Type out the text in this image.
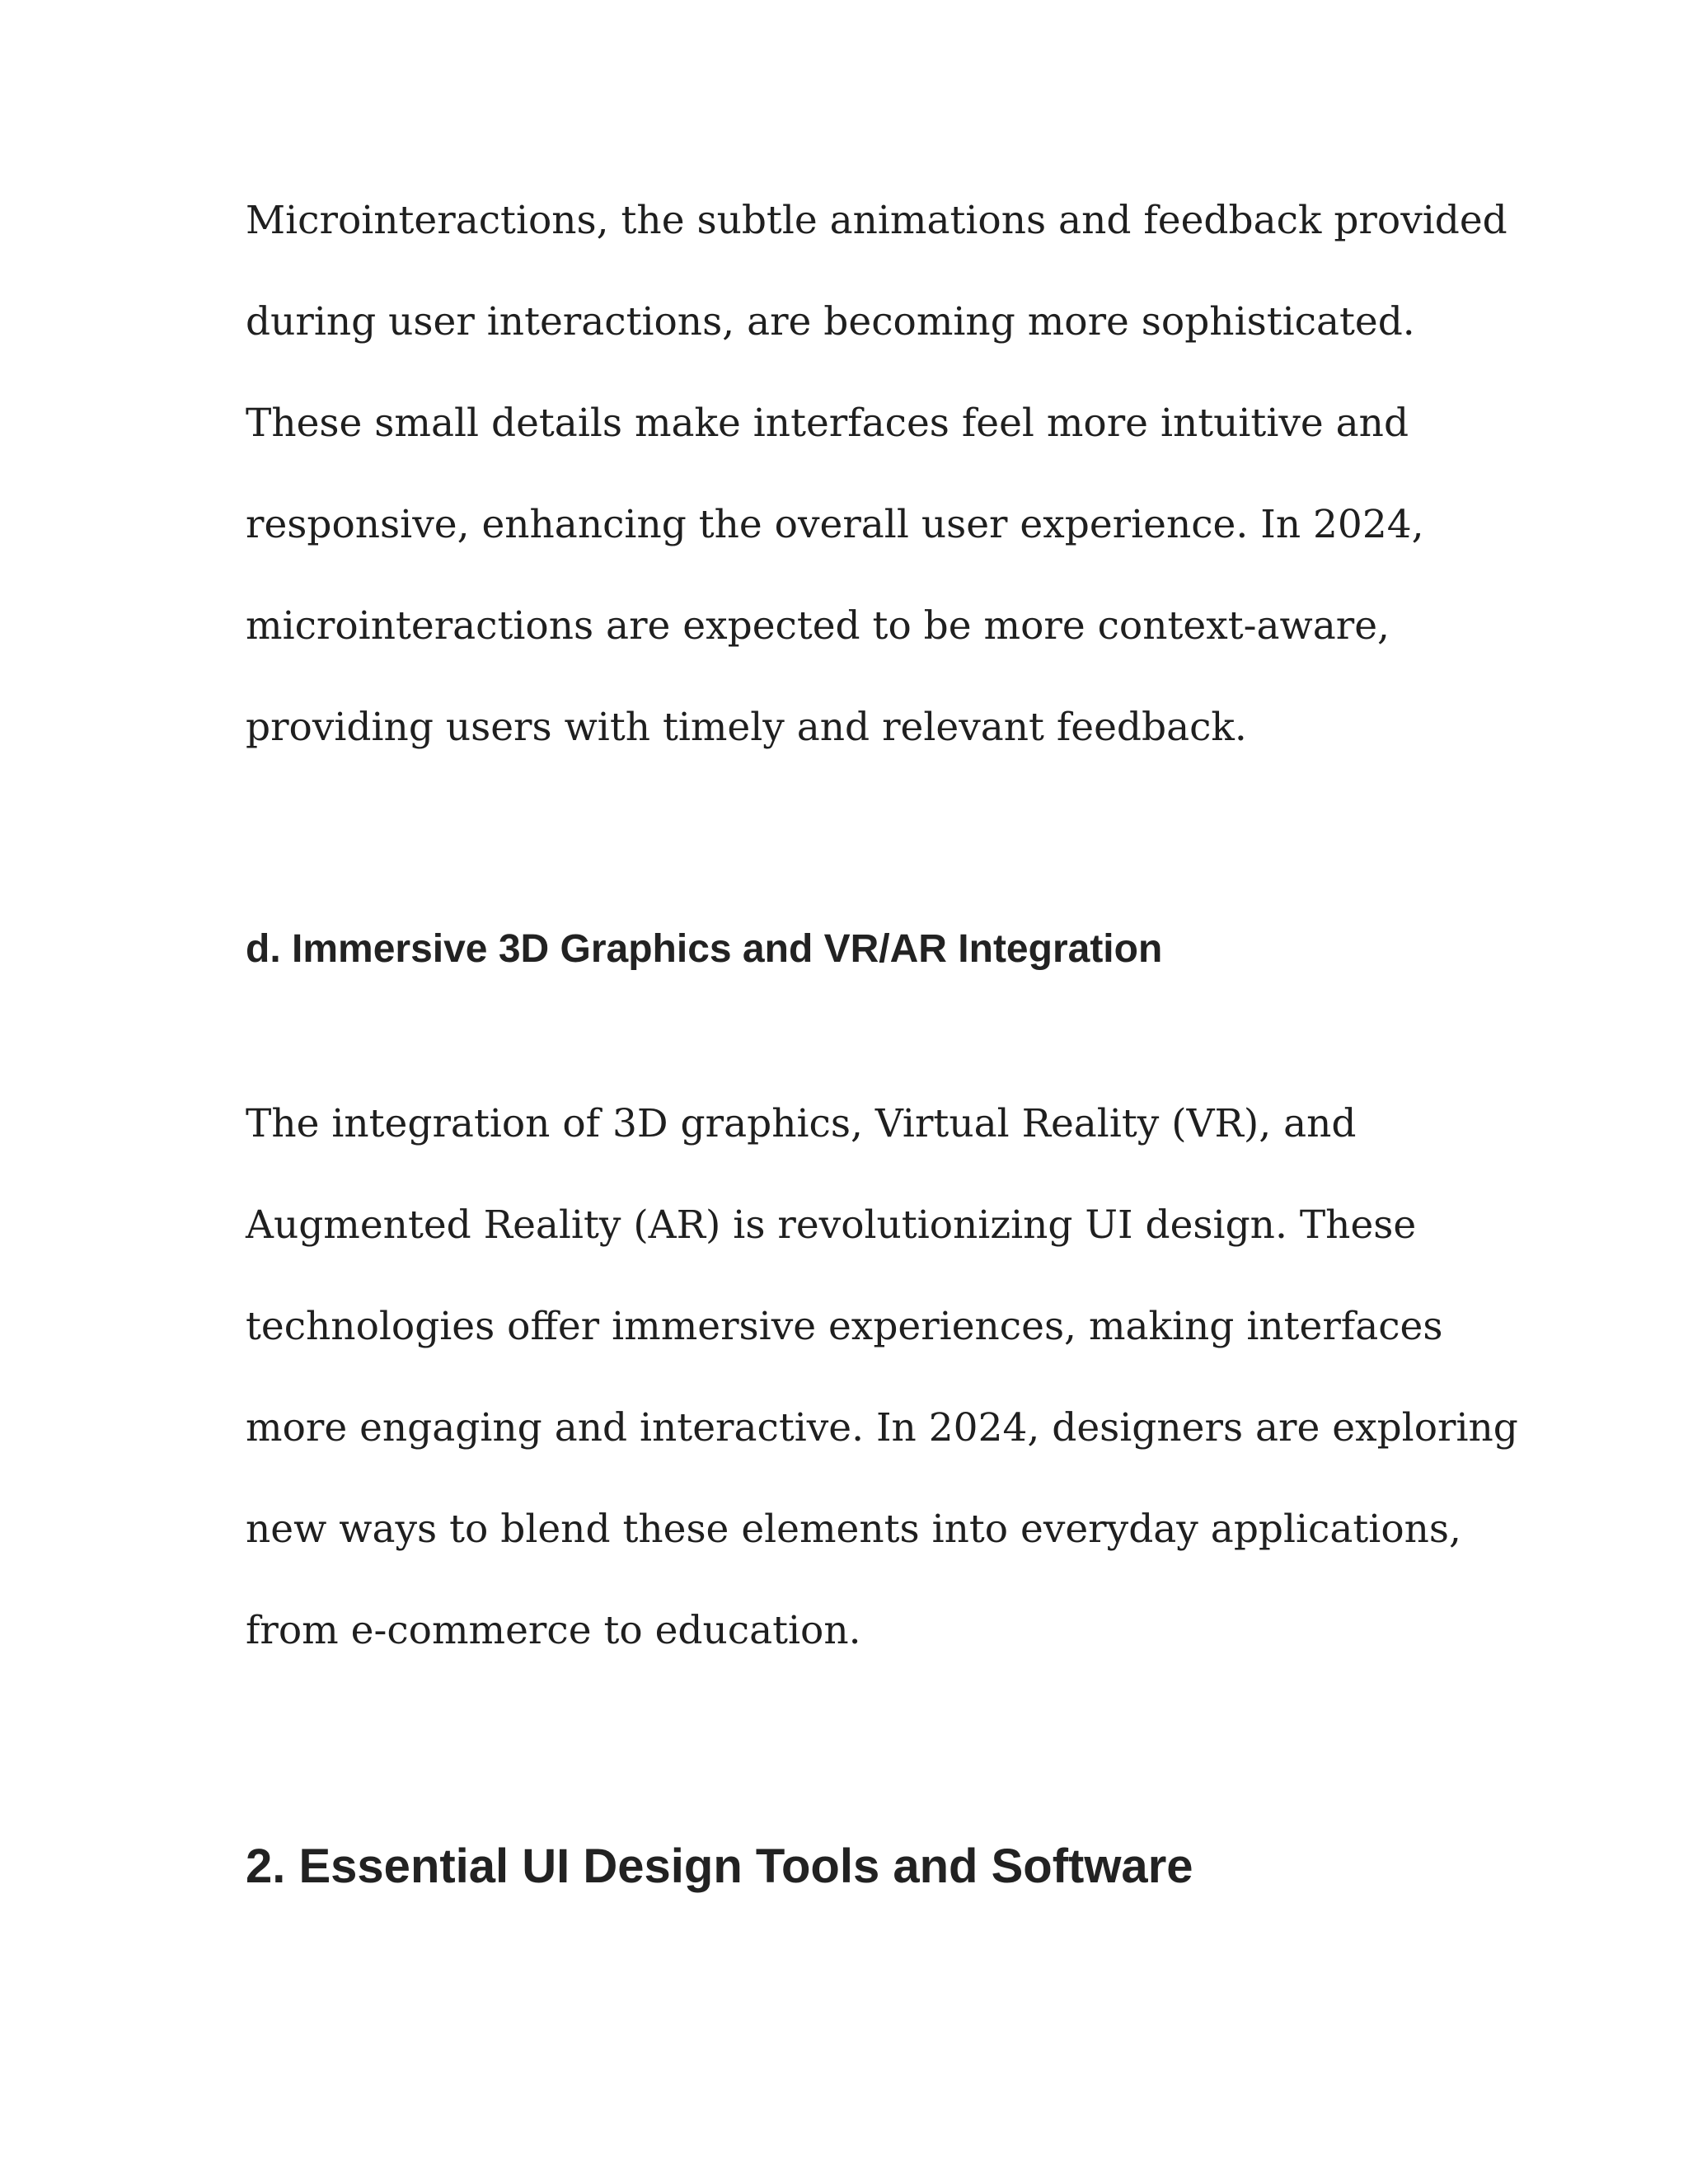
Microinteractions, the subtle animations and feedback provided
during user interactions, are becoming more sophisticated.
These small details make interfaces feel more intuitive and
responsive, enhancing the overall user experience. In 2024,
microinteractions are expected to be more context-aware,
providing users with timely and relevant feedback.

d. Immersive 3D Graphics and VR/AR Integration

The integration of 3D graphics, Virtual Reality (VR), and
Augmented Reality (AR) is revolutionizing UI design. These
technologies offer immersive experiences, making interfaces
more engaging and interactive. In 2024, designers are exploring
new ways to blend these elements into everyday applications,
from e-commerce to education.

2. Essential UI Design Tools and Software
